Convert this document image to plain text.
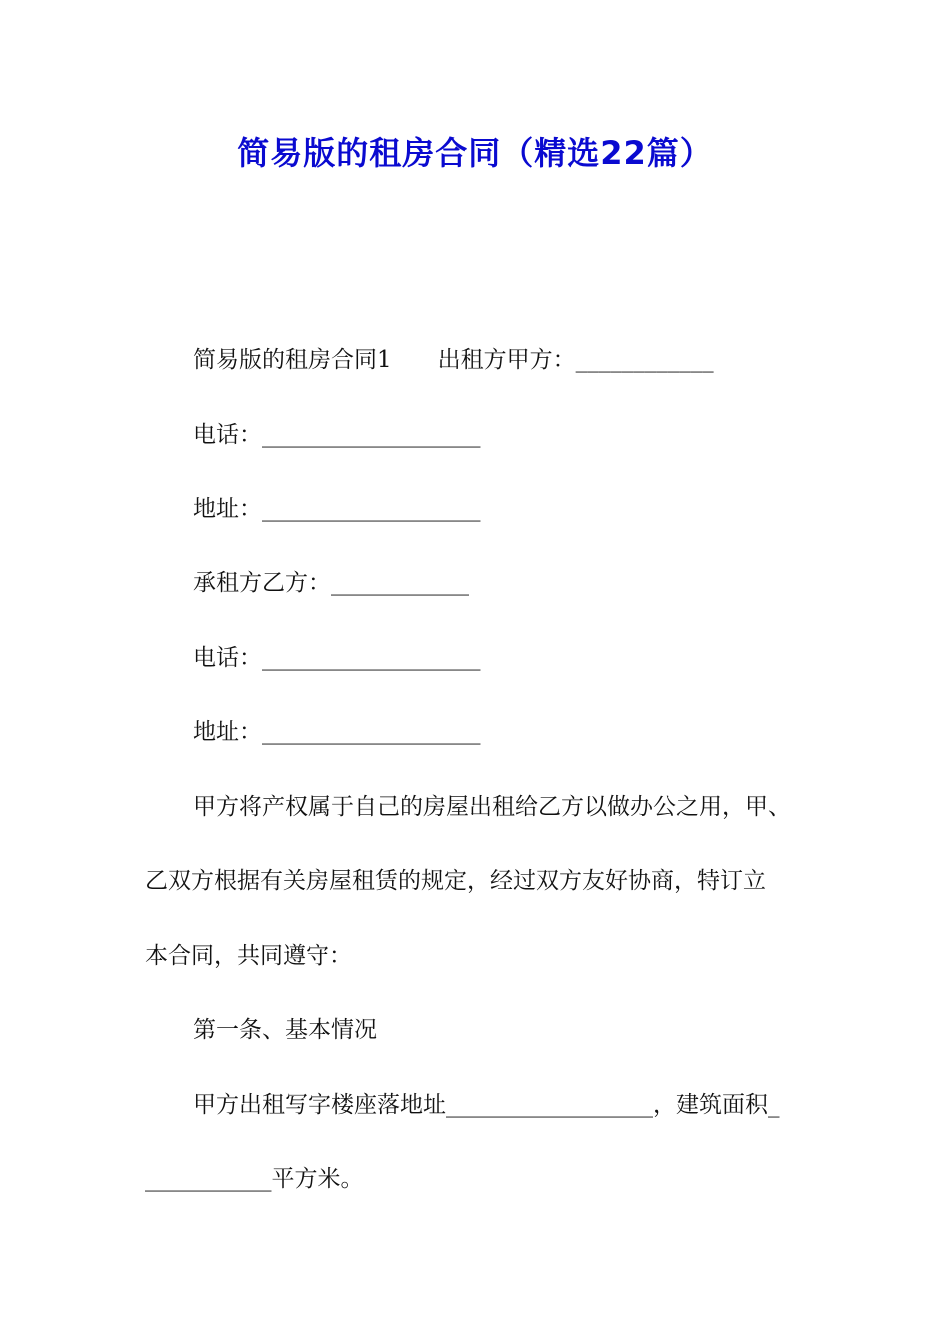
简易版的租房合同（精选22篇）
简易版的租房合同1　　出租方甲方：____________
电话：___________________
地址：___________________
承租方乙方：____________
电话：___________________
地址：___________________
甲方将产权属于自己的房屋出租给乙方以做办公之用，甲、
乙双方根据有关房屋租赁的规定，经过双方友好协商，特订立
本合同，共同遵守：
第一条、基本情况
甲方出租写字楼座落地址__________________，建筑面积_
___________平方米。
